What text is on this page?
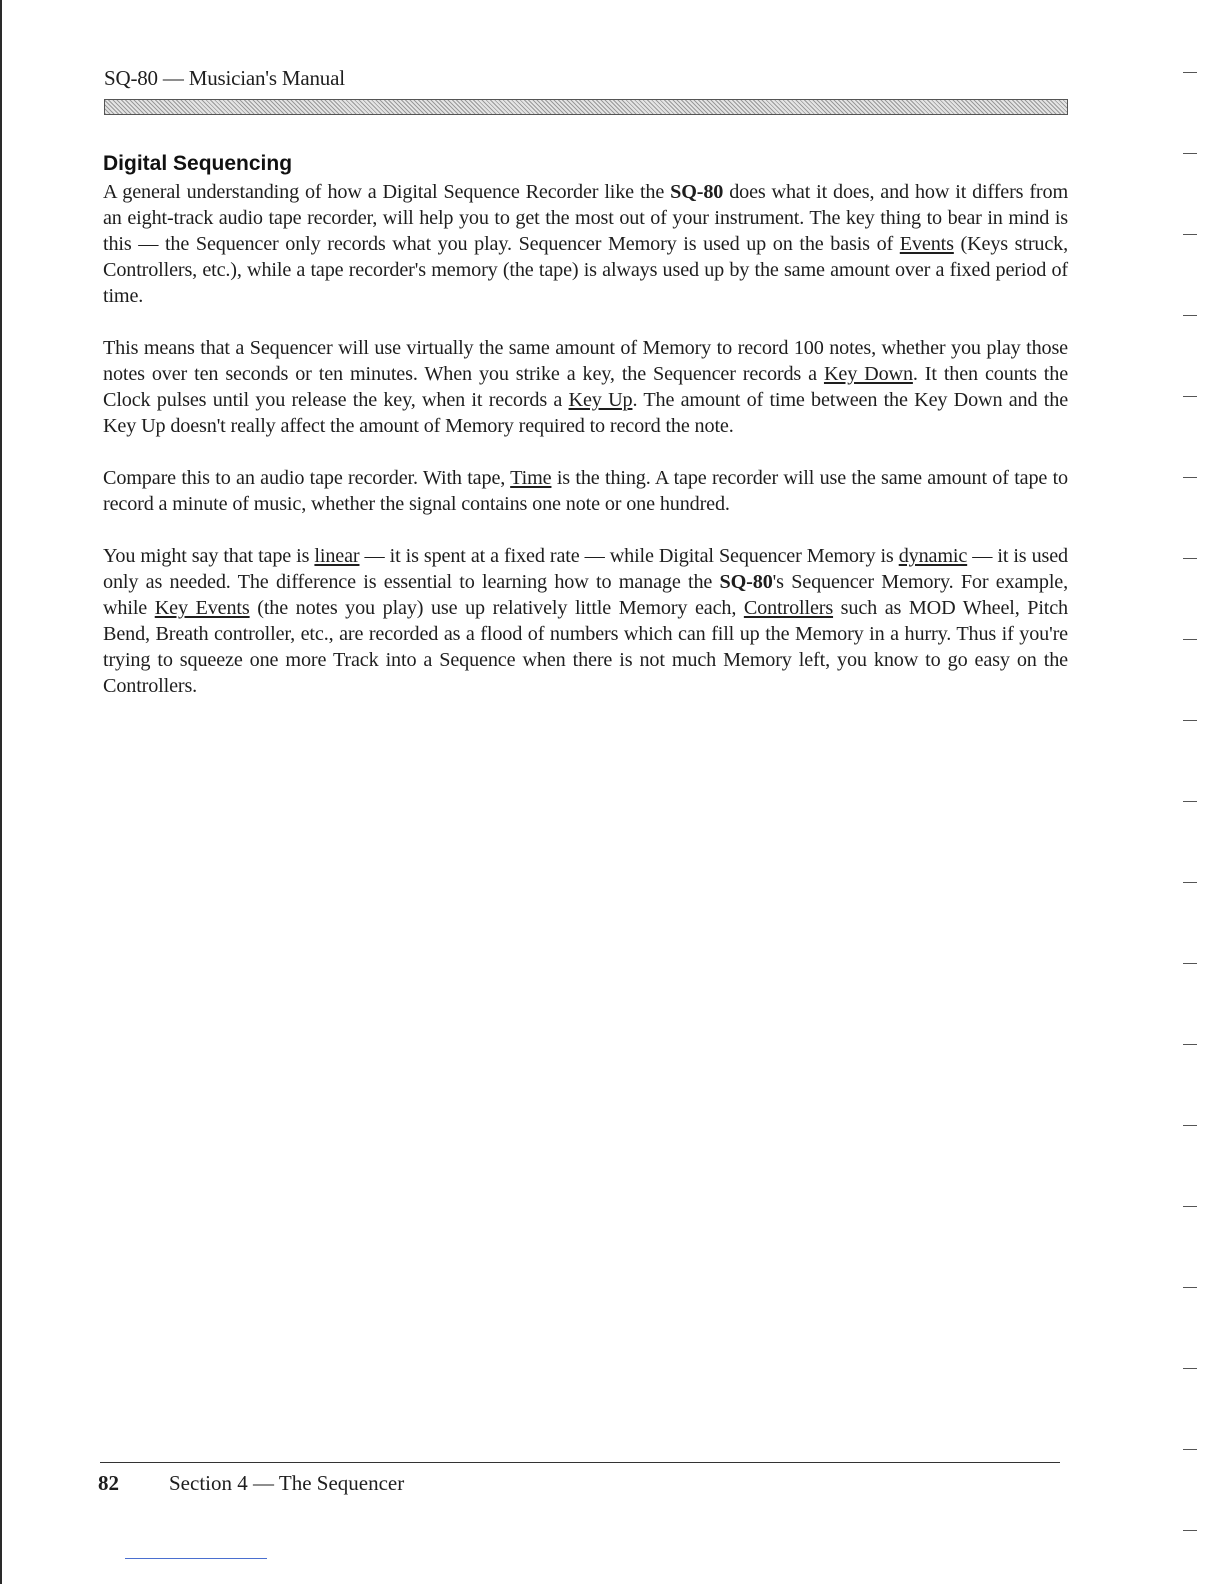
SQ-80 — Musician's Manual
Digital Sequencing

A general understanding of how a Digital Sequence Recorder like the SQ-80 does what it does, and how it differs from an eight-track audio tape recorder, will help you to get the most out of your instrument. The key thing to bear in mind is this — the Sequencer only records what you play. Sequencer Memory is used up on the basis of Events (Keys struck, Controllers, etc.), while a tape recorder's memory (the tape) is always used up by the same amount over a fixed period of time.

This means that a Sequencer will use virtually the same amount of Memory to record 100 notes, whether you play those notes over ten seconds or ten minutes. When you strike a key, the Sequencer records a Key Down. It then counts the Clock pulses until you release the key, when it records a Key Up. The amount of time between the Key Down and the Key Up doesn't really affect the amount of Memory required to record the note.

Compare this to an audio tape recorder. With tape, Time is the thing. A tape recorder will use the same amount of tape to record a minute of music, whether the signal contains one note or one hundred.

You might say that tape is linear — it is spent at a fixed rate — while Digital Sequencer Memory is dynamic — it is used only as needed. The difference is essential to learning how to manage the SQ-80's Sequencer Memory. For example, while Key Events (the notes you play) use up relatively little Memory each, Controllers such as MOD Wheel, Pitch Bend, Breath controller, etc., are recorded as a flood of numbers which can fill up the Memory in a hurry. Thus if you're trying to squeeze one more Track into a Sequence when there is not much Memory left, you know to go easy on the Controllers.

82 Section 4 — The Sequencer
